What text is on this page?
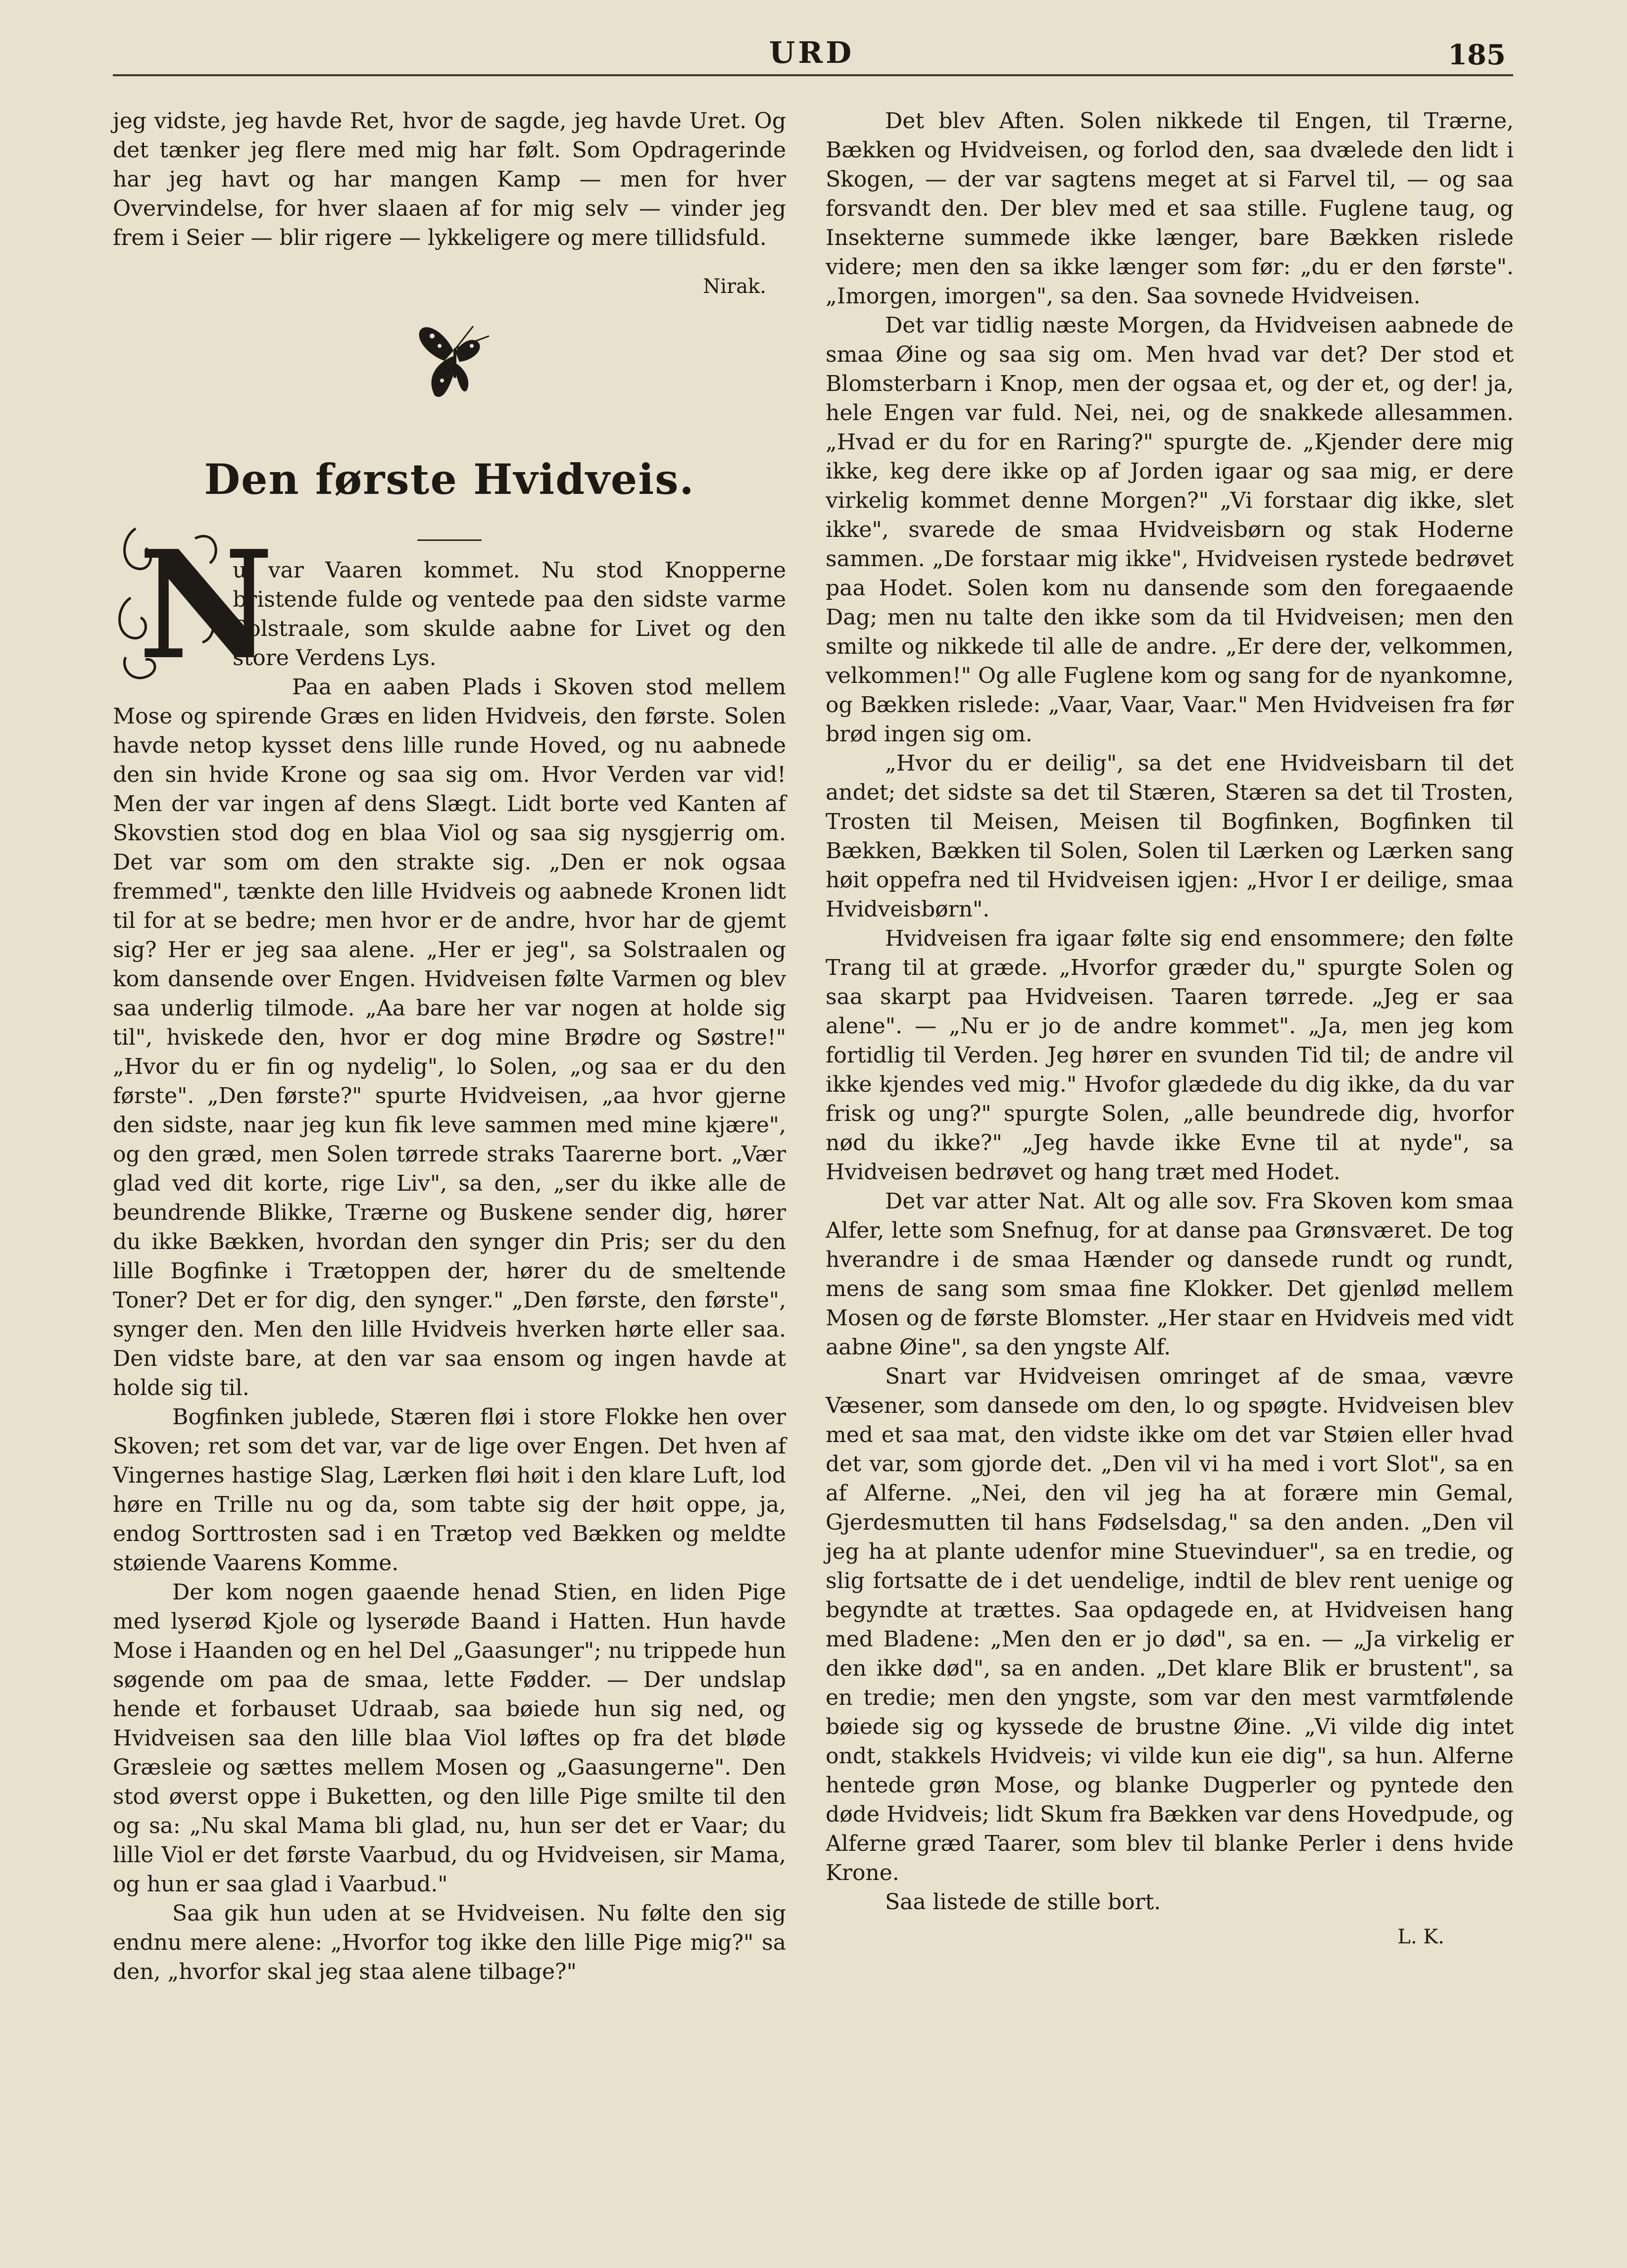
URD	185

jeg vidste, jeg havde Ret, hvor de sagde, jeg havde Uret. Og det tænker jeg flere med mig har følt. Som Opdragerinde har jeg havt og har mangen Kamp — men for hver Overvindelse, for hver slaaen af for mig selv — vinder jeg frem i Seier — blir rigere — lykkeligere og mere tillidsfuld.

Nirak.
Den første Hvidveis.
N

u var Vaaren kommet. Nu stod Knopperne bristende fulde og ventede paa den sidste varme Solstraale, som skulde aabne for Livet og den store Verdens Lys.

Paa en aaben Plads i Skoven stod mellem Mose og spirende Græs en liden Hvidveis, den første. Solen havde netop kysset dens lille runde Hoved, og nu aabnede den sin hvide Krone og saa sig om. Hvor Verden var vid! Men der var ingen af dens Slægt. Lidt borte ved Kanten af Skovstien stod dog en blaa Viol og saa sig nysgjerrig om. Det var som om den strakte sig. „Den er nok ogsaa fremmed", tænkte den lille Hvidveis og aabnede Kronen lidt til for at se bedre; men hvor er de andre, hvor har de gjemt sig? Her er jeg saa alene. „Her er jeg", sa Solstraalen og kom dansende over Engen. Hvidveisen følte Varmen og blev saa underlig tilmode. „Aa bare her var nogen at holde sig til", hviskede den, hvor er dog mine Brødre og Søstre!" „Hvor du er fin og nydelig", lo Solen, „og saa er du den første". „Den første?" spurte Hvidveisen, „aa hvor gjerne den sidste, naar jeg kun fik leve sammen med mine kjære", og den græd, men Solen tørrede straks Taarerne bort. „Vær glad ved dit korte, rige Liv", sa den, „ser du ikke alle de beundrende Blikke, Trærne og Buskene sender dig, hører du ikke Bækken, hvordan den synger din Pris; ser du den lille Bogfinke i Trætoppen der, hører du de smeltende Toner? Det er for dig, den synger." „Den første, den første", synger den. Men den lille Hvidveis hverken hørte eller saa. Den vidste bare, at den var saa ensom og ingen havde at holde sig til.

Bogfinken jublede, Stæren fløi i store Flokke hen over Skoven; ret som det var, var de lige over Engen. Det hven af Vingernes hastige Slag, Lærken fløi høit i den klare Luft, lod høre en Trille nu og da, som tabte sig der høit oppe, ja, endog Sorttrosten sad i en Trætop ved Bækken og meldte støiende Vaarens Komme.

Der kom nogen gaaende henad Stien, en liden Pige med lyserød Kjole og lyserøde Baand i Hatten. Hun havde Mose i Haanden og en hel Del „Gaasunger"; nu trippede hun søgende om paa de smaa, lette Fødder. — Der undslap hende et forbauset Udraab, saa bøiede hun sig ned, og Hvidveisen saa den lille blaa Viol løftes op fra det bløde Græsleie og sættes mellem Mosen og „Gaasungerne". Den stod øverst oppe i Buketten, og den lille Pige smilte til den og sa: „Nu skal Mama bli glad, nu, hun ser det er Vaar; du lille Viol er det første Vaarbud, du og Hvidveisen, sir Mama, og hun er saa glad i Vaarbud."

Saa gik hun uden at se Hvidveisen. Nu følte den sig endnu mere alene: „Hvorfor tog ikke den lille Pige mig?" sa den, „hvorfor skal jeg staa alene tilbage?"

Det blev Aften. Solen nikkede til Engen, til Trærne, Bækken og Hvidveisen, og forlod den, saa dvælede den lidt i Skogen, — der var sagtens meget at si Farvel til, — og saa forsvandt den. Der blev med et saa stille. Fuglene taug, og Insekterne summede ikke længer, bare Bækken rislede videre; men den sa ikke længer som før: „du er den første". „Imorgen, imorgen", sa den. Saa sovnede Hvidveisen.

Det var tidlig næste Morgen, da Hvidveisen aabnede de smaa Øine og saa sig om. Men hvad var det? Der stod et Blomsterbarn i Knop, men der ogsaa et, og der et, og der! ja, hele Engen var fuld. Nei, nei, og de snakkede allesammen. „Hvad er du for en Raring?" spurgte de. „Kjender dere mig ikke, keg dere ikke op af Jorden igaar og saa mig, er dere virkelig kommet denne Morgen?" „Vi forstaar dig ikke, slet ikke", svarede de smaa Hvidveisbørn og stak Hoderne sammen. „De forstaar mig ikke", Hvidveisen rystede bedrøvet paa Hodet. Solen kom nu dansende som den foregaaende Dag; men nu talte den ikke som da til Hvidveisen; men den smilte og nikkede til alle de andre. „Er dere der, velkommen, velkommen!" Og alle Fuglene kom og sang for de nyankomne, og Bækken rislede: „Vaar, Vaar, Vaar." Men Hvidveisen fra før brød ingen sig om.

„Hvor du er deilig", sa det ene Hvidveisbarn til det andet; det sidste sa det til Stæren, Stæren sa det til Trosten, Trosten til Meisen, Meisen til Bogfinken, Bogfinken til Bækken, Bækken til Solen, Solen til Lærken og Lærken sang høit oppefra ned til Hvidveisen igjen: „Hvor I er deilige, smaa Hvidveisbørn".

Hvidveisen fra igaar følte sig end ensommere; den følte Trang til at græde. „Hvorfor græder du," spurgte Solen og saa skarpt paa Hvidveisen. Taaren tørrede. „Jeg er saa alene". — „Nu er jo de andre kommet". „Ja, men jeg kom fortidlig til Verden. Jeg hører en svunden Tid til; de andre vil ikke kjendes ved mig." Hvofor glædede du dig ikke, da du var frisk og ung?" spurgte Solen, „alle beundrede dig, hvorfor nød du ikke?" „Jeg havde ikke Evne til at nyde", sa Hvidveisen bedrøvet og hang træt med Hodet.

Det var atter Nat. Alt og alle sov. Fra Skoven kom smaa Alfer, lette som Snefnug, for at danse paa Grønsværet. De tog hverandre i de smaa Hænder og dansede rundt og rundt, mens de sang som smaa fine Klokker. Det gjenlød mellem Mosen og de første Blomster. „Her staar en Hvidveis med vidt aabne Øine", sa den yngste Alf.

Snart var Hvidveisen omringet af de smaa, vævre Væsener, som dansede om den, lo og spøgte. Hvidveisen blev med et saa mat, den vidste ikke om det var Støien eller hvad det var, som gjorde det. „Den vil vi ha med i vort Slot", sa en af Alferne. „Nei, den vil jeg ha at forære min Gemal, Gjerdesmutten til hans Fødselsdag," sa den anden. „Den vil jeg ha at plante udenfor mine Stuevinduer", sa en tredie, og slig fortsatte de i det uendelige, indtil de blev rent uenige og begyndte at trættes. Saa opdagede en, at Hvidveisen hang med Bladene: „Men den er jo død", sa en. — „Ja virkelig er den ikke død", sa en anden. „Det klare Blik er brustent", sa en tredie; men den yngste, som var den mest varmtfølende bøiede sig og kyssede de brustne Øine. „Vi vilde dig intet ondt, stakkels Hvidveis; vi vilde kun eie dig", sa hun. Alferne hentede grøn Mose, og blanke Dugperler og pyntede den døde Hvidveis; lidt Skum fra Bækken var dens Hovedpude, og Alferne græd Taarer, som blev til blanke Perler i dens hvide Krone.

Saa listede de stille bort.

L. K.
